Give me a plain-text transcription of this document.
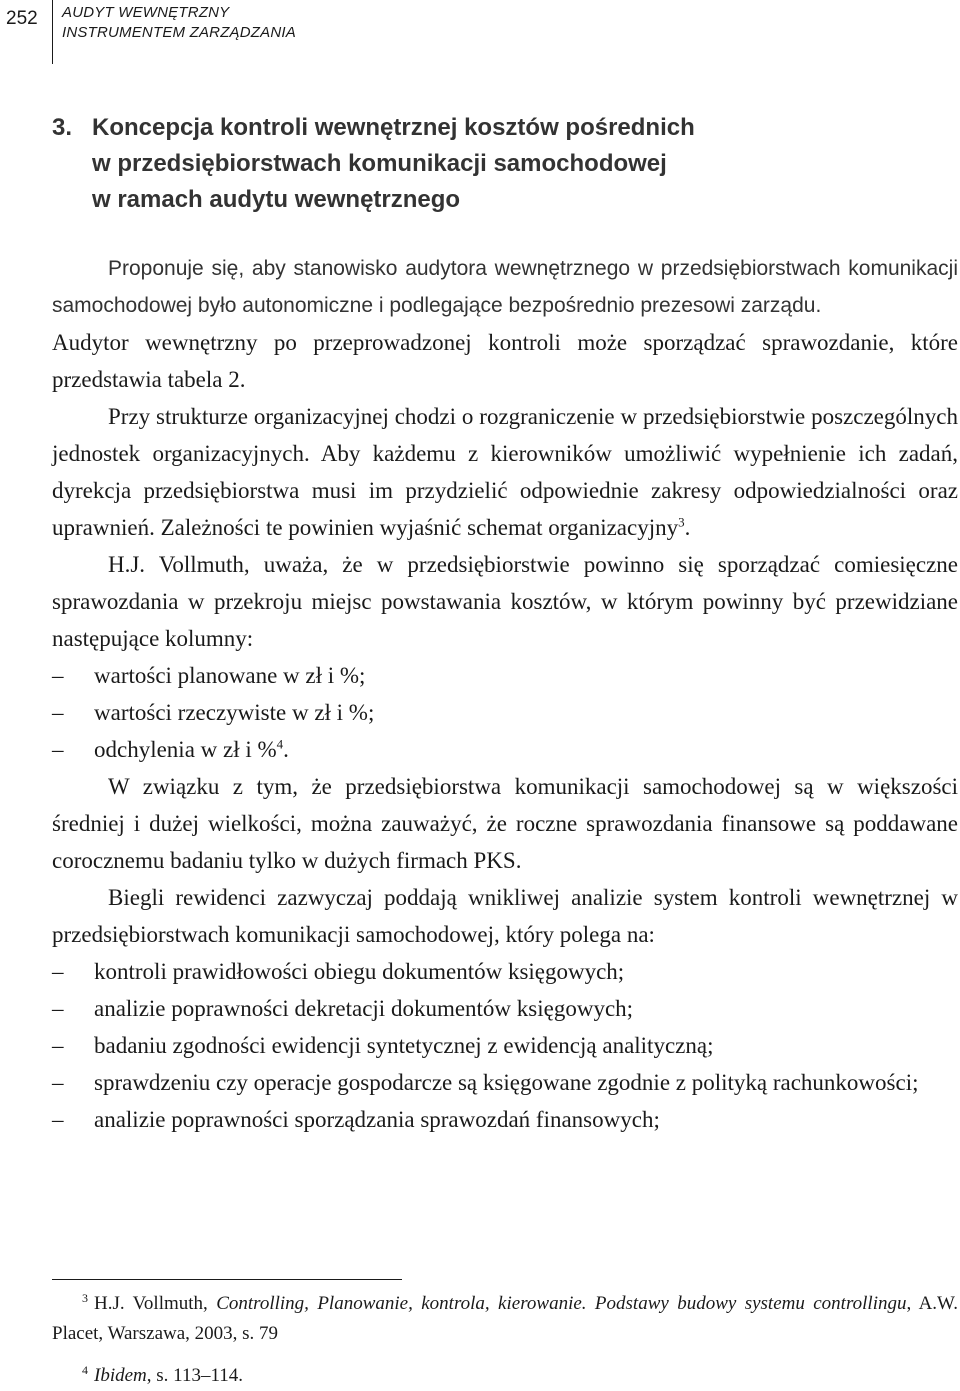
252 AUDYT WEWNĘTRZNY
INSTRUMENTEM ZARZĄDZANIA
3. Koncepcja kontroli wewnętrznej kosztów pośrednich
w przedsiębiorstwach komunikacji samochodowej
w ramach audytu wewnętrznego

Proponuje się, aby stanowisko audytora wewnętrznego w przedsiębiorstwach komunikacji samochodowej było autonomiczne i podlegające bezpośrednio prezesowi zarządu.

Audytor wewnętrzny po przeprowadzonej kontroli może sporządzać sprawozdanie, które przedstawia tabela 2.

Przy strukturze organizacyjnej chodzi o rozgraniczenie w przedsiębiorstwie poszczególnych jednostek organizacyjnych. Aby każdemu z kierowników umożliwić wypełnienie ich zadań, dyrekcja przedsiębiorstwa musi im przydzielić odpowiednie zakresy odpowiedzialności oraz uprawnień. Zależności te powinien wyjaśnić schemat organizacyjny$^3$.

H.J. Vollmuth, uważa, że w przedsiębiorstwie powinno się sporządzać comiesięczne sprawozdania w przekroju miejsc powstawania kosztów, w którym powinny być przewidziane następujące kolumny:

– wartości planowane w zł i %;
– wartości rzeczywiste w zł i %;
– odchylenia w zł i %$^4$.

W związku z tym, że przedsiębiorstwa komunikacji samochodowej są w większości średniej i dużej wielkości, można zauważyć, że roczne sprawozdania finansowe są poddawane corocznemu badaniu tylko w dużych firmach PKS.

Biegli rewidenci zazwyczaj poddają wnikliwej analizie system kontroli wewnętrznej w przedsiębiorstwach komunikacji samochodowej, który polega na:

– kontroli prawidłowości obiegu dokumentów księgowych;
– analizie poprawności dekretacji dokumentów księgowych;
– badaniu zgodności ewidencji syntetycznej z ewidencją analityczną;
– sprawdzeniu czy operacje gospodarcze są księgowane zgodnie z polityką rachunkowości;
– analizie poprawności sporządzania sprawozdań finansowych;

$^3$ H.J. Vollmuth, Controlling, Planowanie, kontrola, kierowanie. Podstawy budowy systemu controllingu, A.W. Placet, Warszawa, 2003, s. 79

$^4$ Ibidem, s. 113–114.
